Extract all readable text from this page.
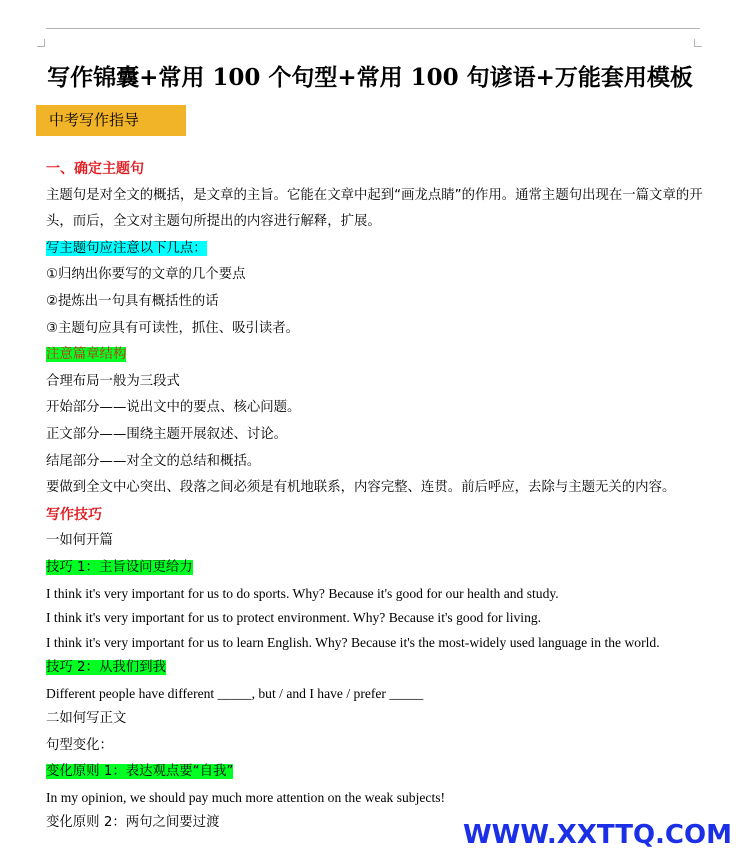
写作锦囊+常用 100 个句型+常用 100 句谚语+万能套用模板
中考写作指导
一、确定主题句
主题句是对全文的概括，是文章的主旨。它能在文章中起到“画龙点睛”的作用。通常主题句出现在一篇文章的开头，而后，全文对主题句所提出的内容进行解释，扩展。
写主题句应注意以下几点：
①归纳出你要写的文章的几个要点
②提炼出一句具有概括性的话
③主题句应具有可读性，抓住、吸引读者。
注意篇章结构
合理布局一般为三段式
开始部分——说出文中的要点、核心问题。
正文部分——围绕主题开展叙述、讨论。
结尾部分——对全文的总结和概括。
要做到全文中心突出、段落之间必须是有机地联系，内容完整、连贯。前后呼应，去除与主题无关的内容。
写作技巧
一如何开篇
技巧 1：主旨设问更给力
I think it's very important for us to do sports. Why? Because it's good for our health and study.
I think it's very important for us to protect environment. Why? Because it's good for living.
I think it's very important for us to learn English. Why? Because it's the most-widely used language in the world.
技巧 2：从我们到我
Different people have different _____, but / and I have / prefer _____
二如何写正文
句型变化：
变化原则 1：表达观点要“自我”
In my opinion, we should pay much more attention on the weak subjects!
变化原则 2：两句之间要过渡	WWW.XXTTQ.COM
